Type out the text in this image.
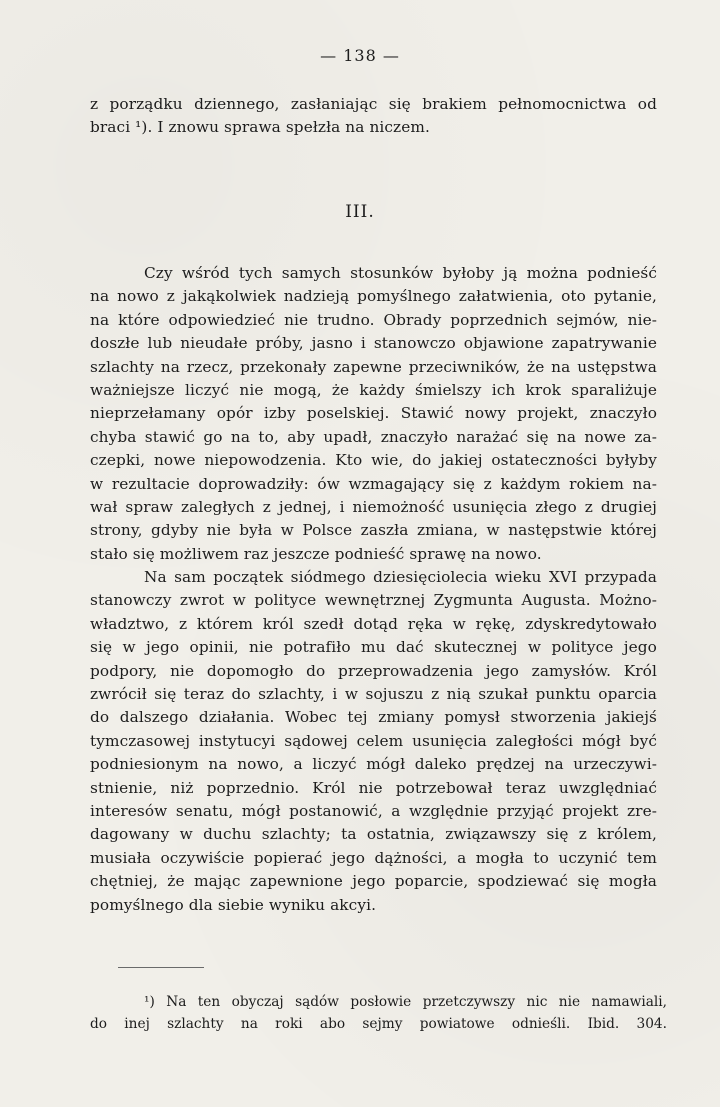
— 138 —
z porządku dziennego, zasłaniając się brakiem pełnomocnictwa od
braci ¹). I znowu sprawa spełzła na niczem.
III.
Czy wśród tych samych stosunków byłoby ją można podnieść
na nowo z jakąkolwiek nadzieją pomyślnego załatwienia, oto pytanie,
na które odpowiedzieć nie trudno. Obrady poprzednich sejmów, nie-
doszłe lub nieudałe próby, jasno i stanowczo objawione zapatrywanie
szlachty na rzecz, przekonały zapewne przeciwników, że na ustępstwa
ważniejsze liczyć nie mogą, że każdy śmielszy ich krok sparaliżuje
nieprzełamany opór izby poselskiej. Stawić nowy projekt, znaczyło
chyba stawić go na to, aby upadł, znaczyło narażać się na nowe za-
czepki, nowe niepowodzenia. Kto wie, do jakiej ostateczności byłyby
w rezultacie doprowadziły: ów wzmagający się z każdym rokiem na-
wał spraw zaległych z jednej, i niemożność usunięcia złego z drugiej
strony, gdyby nie była w Polsce zaszła zmiana, w następstwie której
stało się możliwem raz jeszcze podnieść sprawę na nowo.
Na sam początek siódmego dziesięciolecia wieku XVI przypada
stanowczy zwrot w polityce wewnętrznej Zygmunta Augusta. Możno-
władztwo, z którem król szedł dotąd ręka w rękę, zdyskredytowało
się w jego opinii, nie potrafiło mu dać skutecznej w polityce jego
podpory, nie dopomogło do przeprowadzenia jego zamysłów. Król
zwrócił się teraz do szlachty, i w sojuszu z nią szukał punktu oparcia
do dalszego działania. Wobec tej zmiany pomysł stworzenia jakiejś
tymczasowej instytucyi sądowej celem usunięcia zaległości mógł być
podniesionym na nowo, a liczyć mógł daleko prędzej na urzeczywi-
stnienie, niż poprzednio. Król nie potrzebował teraz uwzględniać
interesów senatu, mógł postanowić, a względnie przyjąć projekt zre-
dagowany w duchu szlachty; ta ostatnia, związawszy się z królem,
musiała oczywiście popierać jego dążności, a mogła to uczynić tem
chętniej, że mając zapewnione jego poparcie, spodziewać się mogła
pomyślnego dla siebie wyniku akcyi.
¹) Na ten obyczaj sądów posłowie przetczywszy nic nie namawiali,
do inej szlachty na roki abo sejmy powiatowe odnieśli. Ibid. 304.
